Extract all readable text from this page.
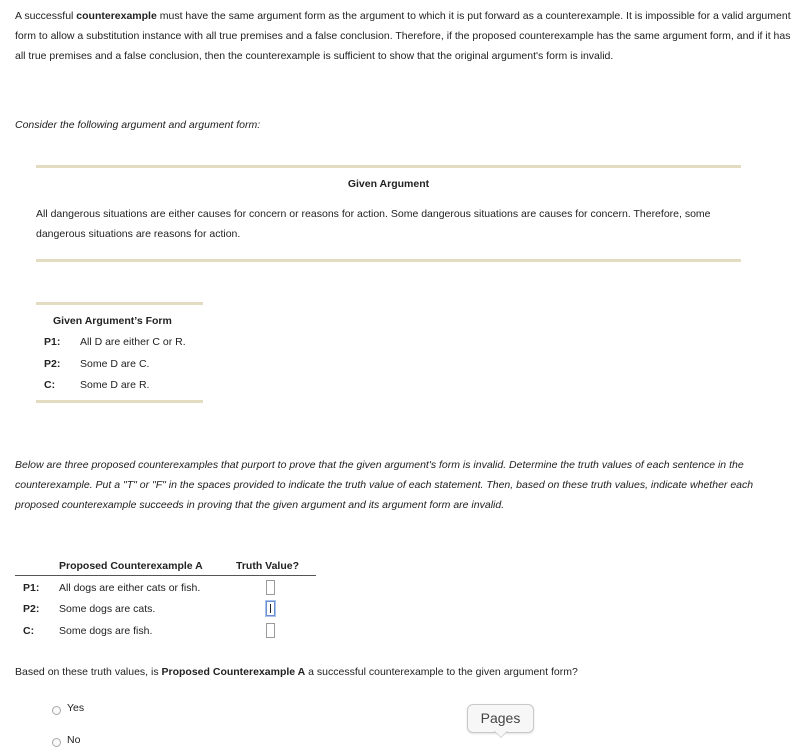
A successful counterexample must have the same argument form as the argument to which it is put forward as a counterexample. It is impossible for a valid argument form to allow a substitution instance with all true premises and a false conclusion. Therefore, if the proposed counterexample has the same argument form, and if it has all true premises and a false conclusion, then the counterexample is sufficient to show that the original argument's form is invalid.
Consider the following argument and argument form:
Given Argument
All dangerous situations are either causes for concern or reasons for action. Some dangerous situations are causes for concern. Therefore, some dangerous situations are reasons for action.
Given Argument’s Form
P1: All D are either C or R.
P2: Some D are C.
C: Some D are R.
Below are three proposed counterexamples that purport to prove that the given argument's form is invalid. Determine the truth values of each sentence in the counterexample. Put a "T" or "F" in the spaces provided to indicate the truth value of each statement. Then, based on these truth values, indicate whether each proposed counterexample succeeds in proving that the given argument and its argument form are invalid.
Proposed Counterexample A	Truth Value?
P1: All dogs are either cats or fish.
P2: Some dogs are cats.
C: Some dogs are fish.
Based on these truth values, is Proposed Counterexample A a successful counterexample to the given argument form?
Yes
No
Pages
